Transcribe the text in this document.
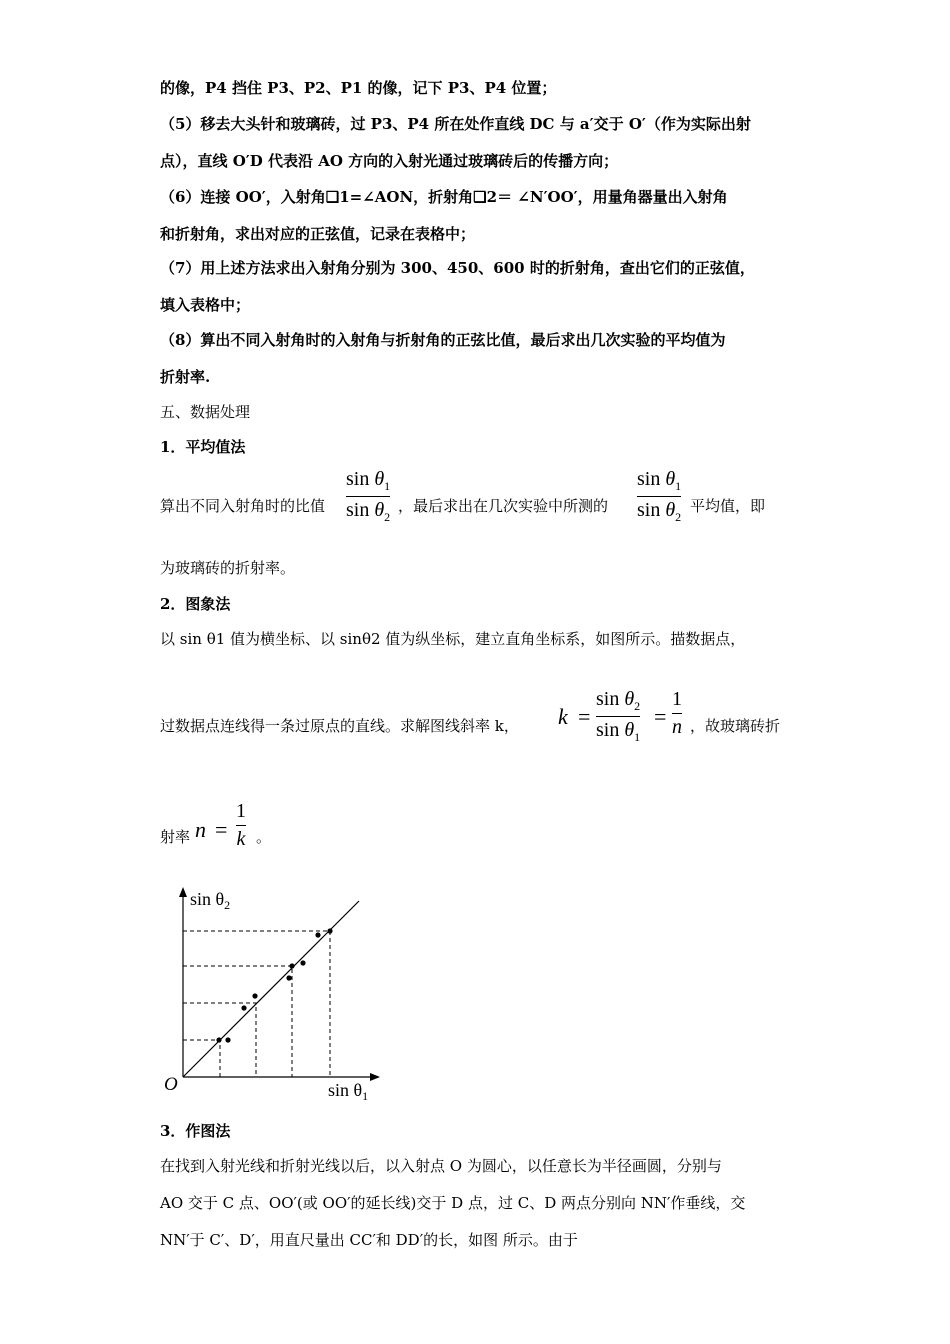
的像，P4 挡住 P3、P2、P1 的像，记下 P3、P4 位置；
（5）移去大头针和玻璃砖，过 P3、P4 所在处作直线 DC 与 a′交于 O′（作为实际出射
点），直线 O′D 代表沿 AO 方向的入射光通过玻璃砖后的传播方向；
（6）连接 OO′，入射角❑1=∠AON，折射角❑2＝ ∠N′OO′，用量角器量出入射角
和折射角，求出对应的正弦值，记录在表格中；
（7）用上述方法求出入射角分别为 300、450、600 时的折射角，查出它们的正弦值，
填入表格中；
（8）算出不同入射角时的入射角与折射角的正弦比值，最后求出几次实验的平均值为
折射率.
五、数据处理
1．平均值法
算出不同入射角时的比值
$\sin \theta_1$
$\sin \theta_2$
，最后求出在几次实验中所测的
$\sin \theta_1$
$\sin \theta_2$
平均值，即
为玻璃砖的折射率。
2．图象法
以 sin θ1 值为横坐标、以 sinθ2 值为纵坐标，建立直角坐标系，如图所示。描数据点，
过数据点连线得一条过原点的直线。求解图线斜率 k， k =
$\sin \theta_2$
$\sin \theta_1$
=
1
n ，故玻璃砖折
射率 n =
1
k 。
$\sin \theta_2$
$\sin \theta_1$
O
3．作图法
在找到入射光线和折射光线以后，以入射点 O 为圆心，以任意长为半径画圆，分别与
AO 交于 C 点、OO′(或 OO′的延长线)交于 D 点，过 C、D 两点分别向 NN′作垂线，交
NN′于 C′、D′，用直尺量出 CC′和 DD′的长，如图 所示。由于
